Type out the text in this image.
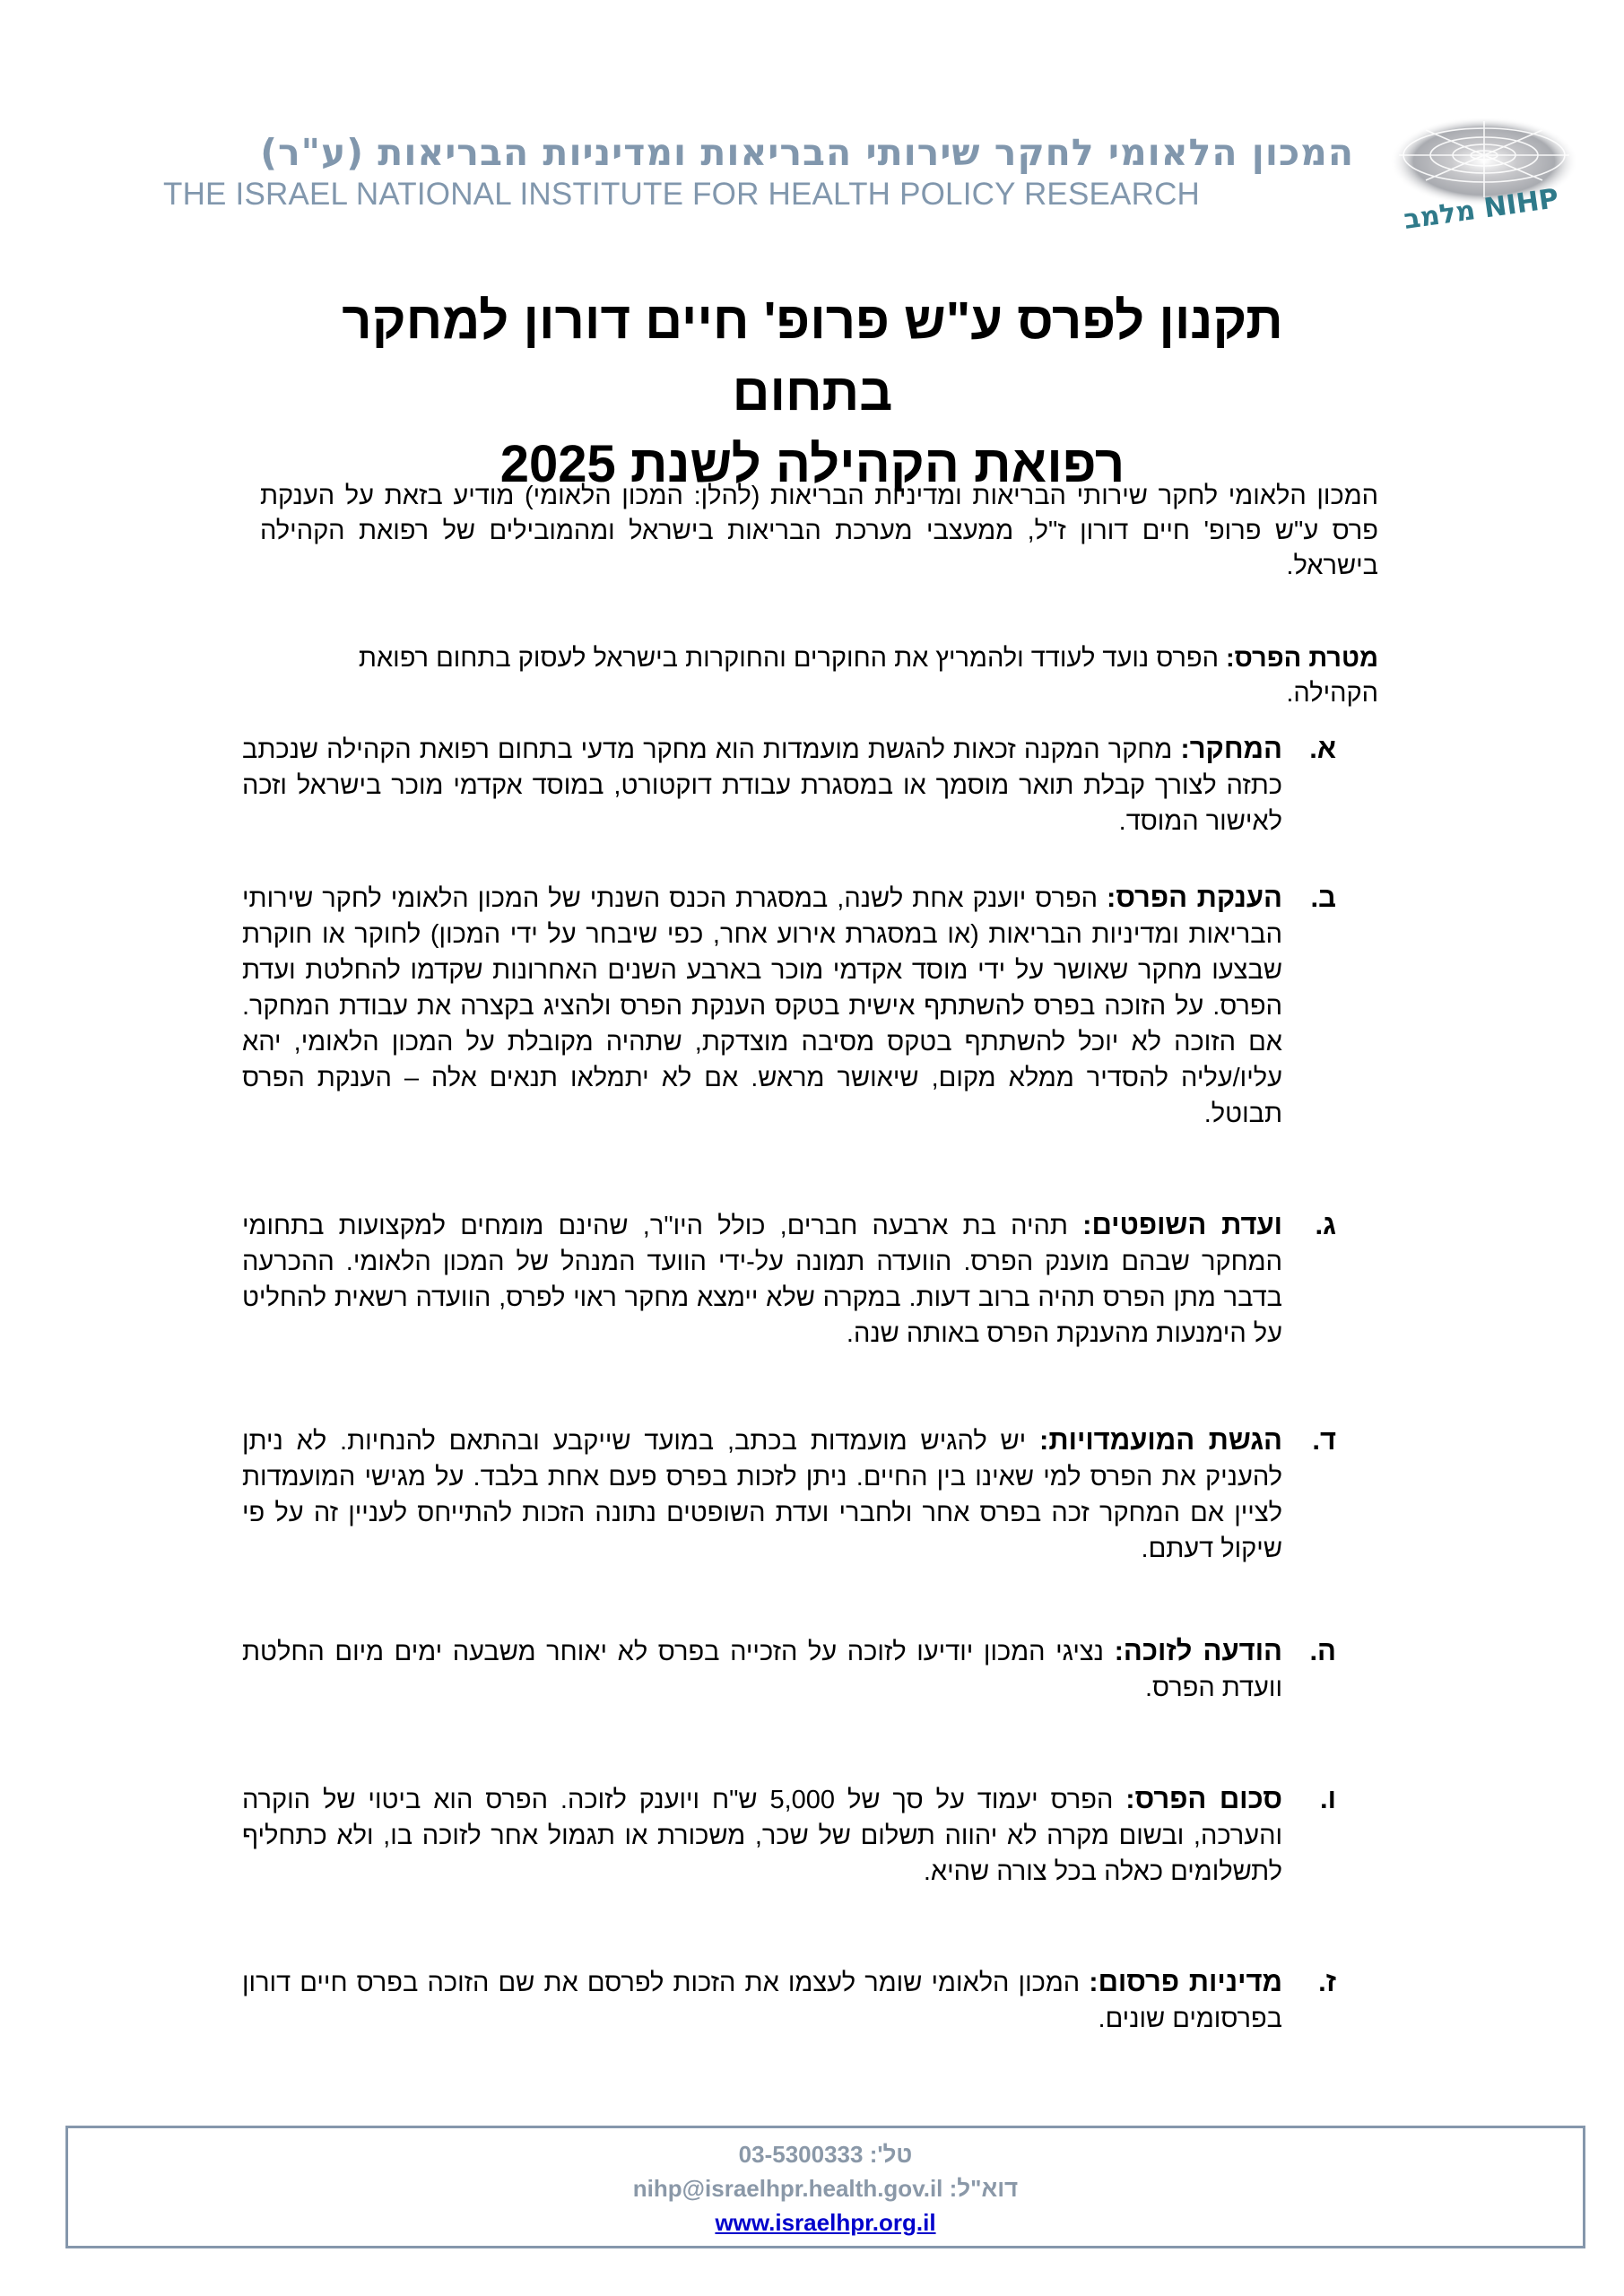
המכון הלאומי לחקר שירותי הבריאות ומדיניות הבריאות (ע"ר)
THE ISRAEL NATIONAL INSTITUTE FOR HEALTH POLICY RESEARCH
מלמב NIHP
תקנון לפרס ע"ש פרופ' חיים דורון למחקר בתחום
רפואת הקהילה לשנת 2025
המכון הלאומי לחקר שירותי הבריאות ומדיניות הבריאות (להלן: המכון הלאומי) מודיע בזאת על הענקת פרס ע"ש פרופ' חיים דורון ז"ל, ממעצבי מערכת הבריאות בישראל ומהמובילים של רפואת הקהילה בישראל.
מטרת הפרס: הפרס נועד לעודד ולהמריץ את החוקרים והחוקרות בישראל לעסוק בתחום רפואת הקהילה.
א.
המחקר: מחקר המקנה זכאות להגשת מועמדות הוא מחקר מדעי בתחום רפואת הקהילה שנכתב כתזה לצורך קבלת תואר מוסמך או במסגרת עבודת דוקטורט, במוסד אקדמי מוכר בישראל וזכה לאישור המוסד.
ב.
הענקת הפרס: הפרס יוענק אחת לשנה, במסגרת הכנס השנתי של המכון הלאומי לחקר שירותי הבריאות ומדיניות הבריאות (או במסגרת אירוע אחר, כפי שיבחר על ידי המכון) לחוקר או חוקרת שבצעו מחקר שאושר על ידי מוסד אקדמי מוכר בארבע השנים האחרונות שקדמו להחלטת ועדת הפרס. על הזוכה בפרס להשתתף אישית בטקס הענקת הפרס ולהציג בקצרה את עבודת המחקר. אם הזוכה לא יוכל להשתתף בטקס מסיבה מוצדקת, שתהיה מקובלת על המכון הלאומי, יהא עליו/עליה להסדיר ממלא מקום, שיאושר מראש. אם לא יתמלאו תנאים אלה – הענקת הפרס תבוטל.
ג.
ועדת השופטים: תהיה בת ארבעה חברים, כולל היו"ר, שהינם מומחים למקצועות בתחומי המחקר שבהם מוענק הפרס. הוועדה תמונה על-ידי הוועד המנהל של המכון הלאומי. ההכרעה בדבר מתן הפרס תהיה ברוב דעות. במקרה שלא יימצא מחקר ראוי לפרס, הוועדה רשאית להחליט על הימנעות מהענקת הפרס באותה שנה.
ד.
הגשת המועמדויות: יש להגיש מועמדות בכתב, במועד שייקבע ובהתאם להנחיות. לא ניתן להעניק את הפרס למי שאינו בין החיים. ניתן לזכות בפרס פעם אחת בלבד. על מגישי המועמדות לציין אם המחקר זכה בפרס אחר ולחברי ועדת השופטים נתונה הזכות להתייחס לעניין זה על פי שיקול דעתם.
ה.
הודעה לזוכה: נציגי המכון יודיעו לזוכה על הזכייה בפרס לא יאוחר משבעה ימים מיום החלטת וועדת הפרס.
ו.
סכום הפרס: הפרס יעמוד על סך של 5,000 ש"ח ויוענק לזוכה. הפרס הוא ביטוי של הוקרה והערכה, ובשום מקרה לא יהווה תשלום של שכר, משכורת או תגמול אחר לזוכה בו, ולא כתחליף לתשלומים כאלה בכל צורה שהיא.
ז.
מדיניות פרסום: המכון הלאומי שומר לעצמו את הזכות לפרסם את שם הזוכה בפרס חיים דורון בפרסומים שונים.
03-5300333 טל':
nihp@israelhpr.health.gov.il דוא"ל:
www.israelhpr.org.il
